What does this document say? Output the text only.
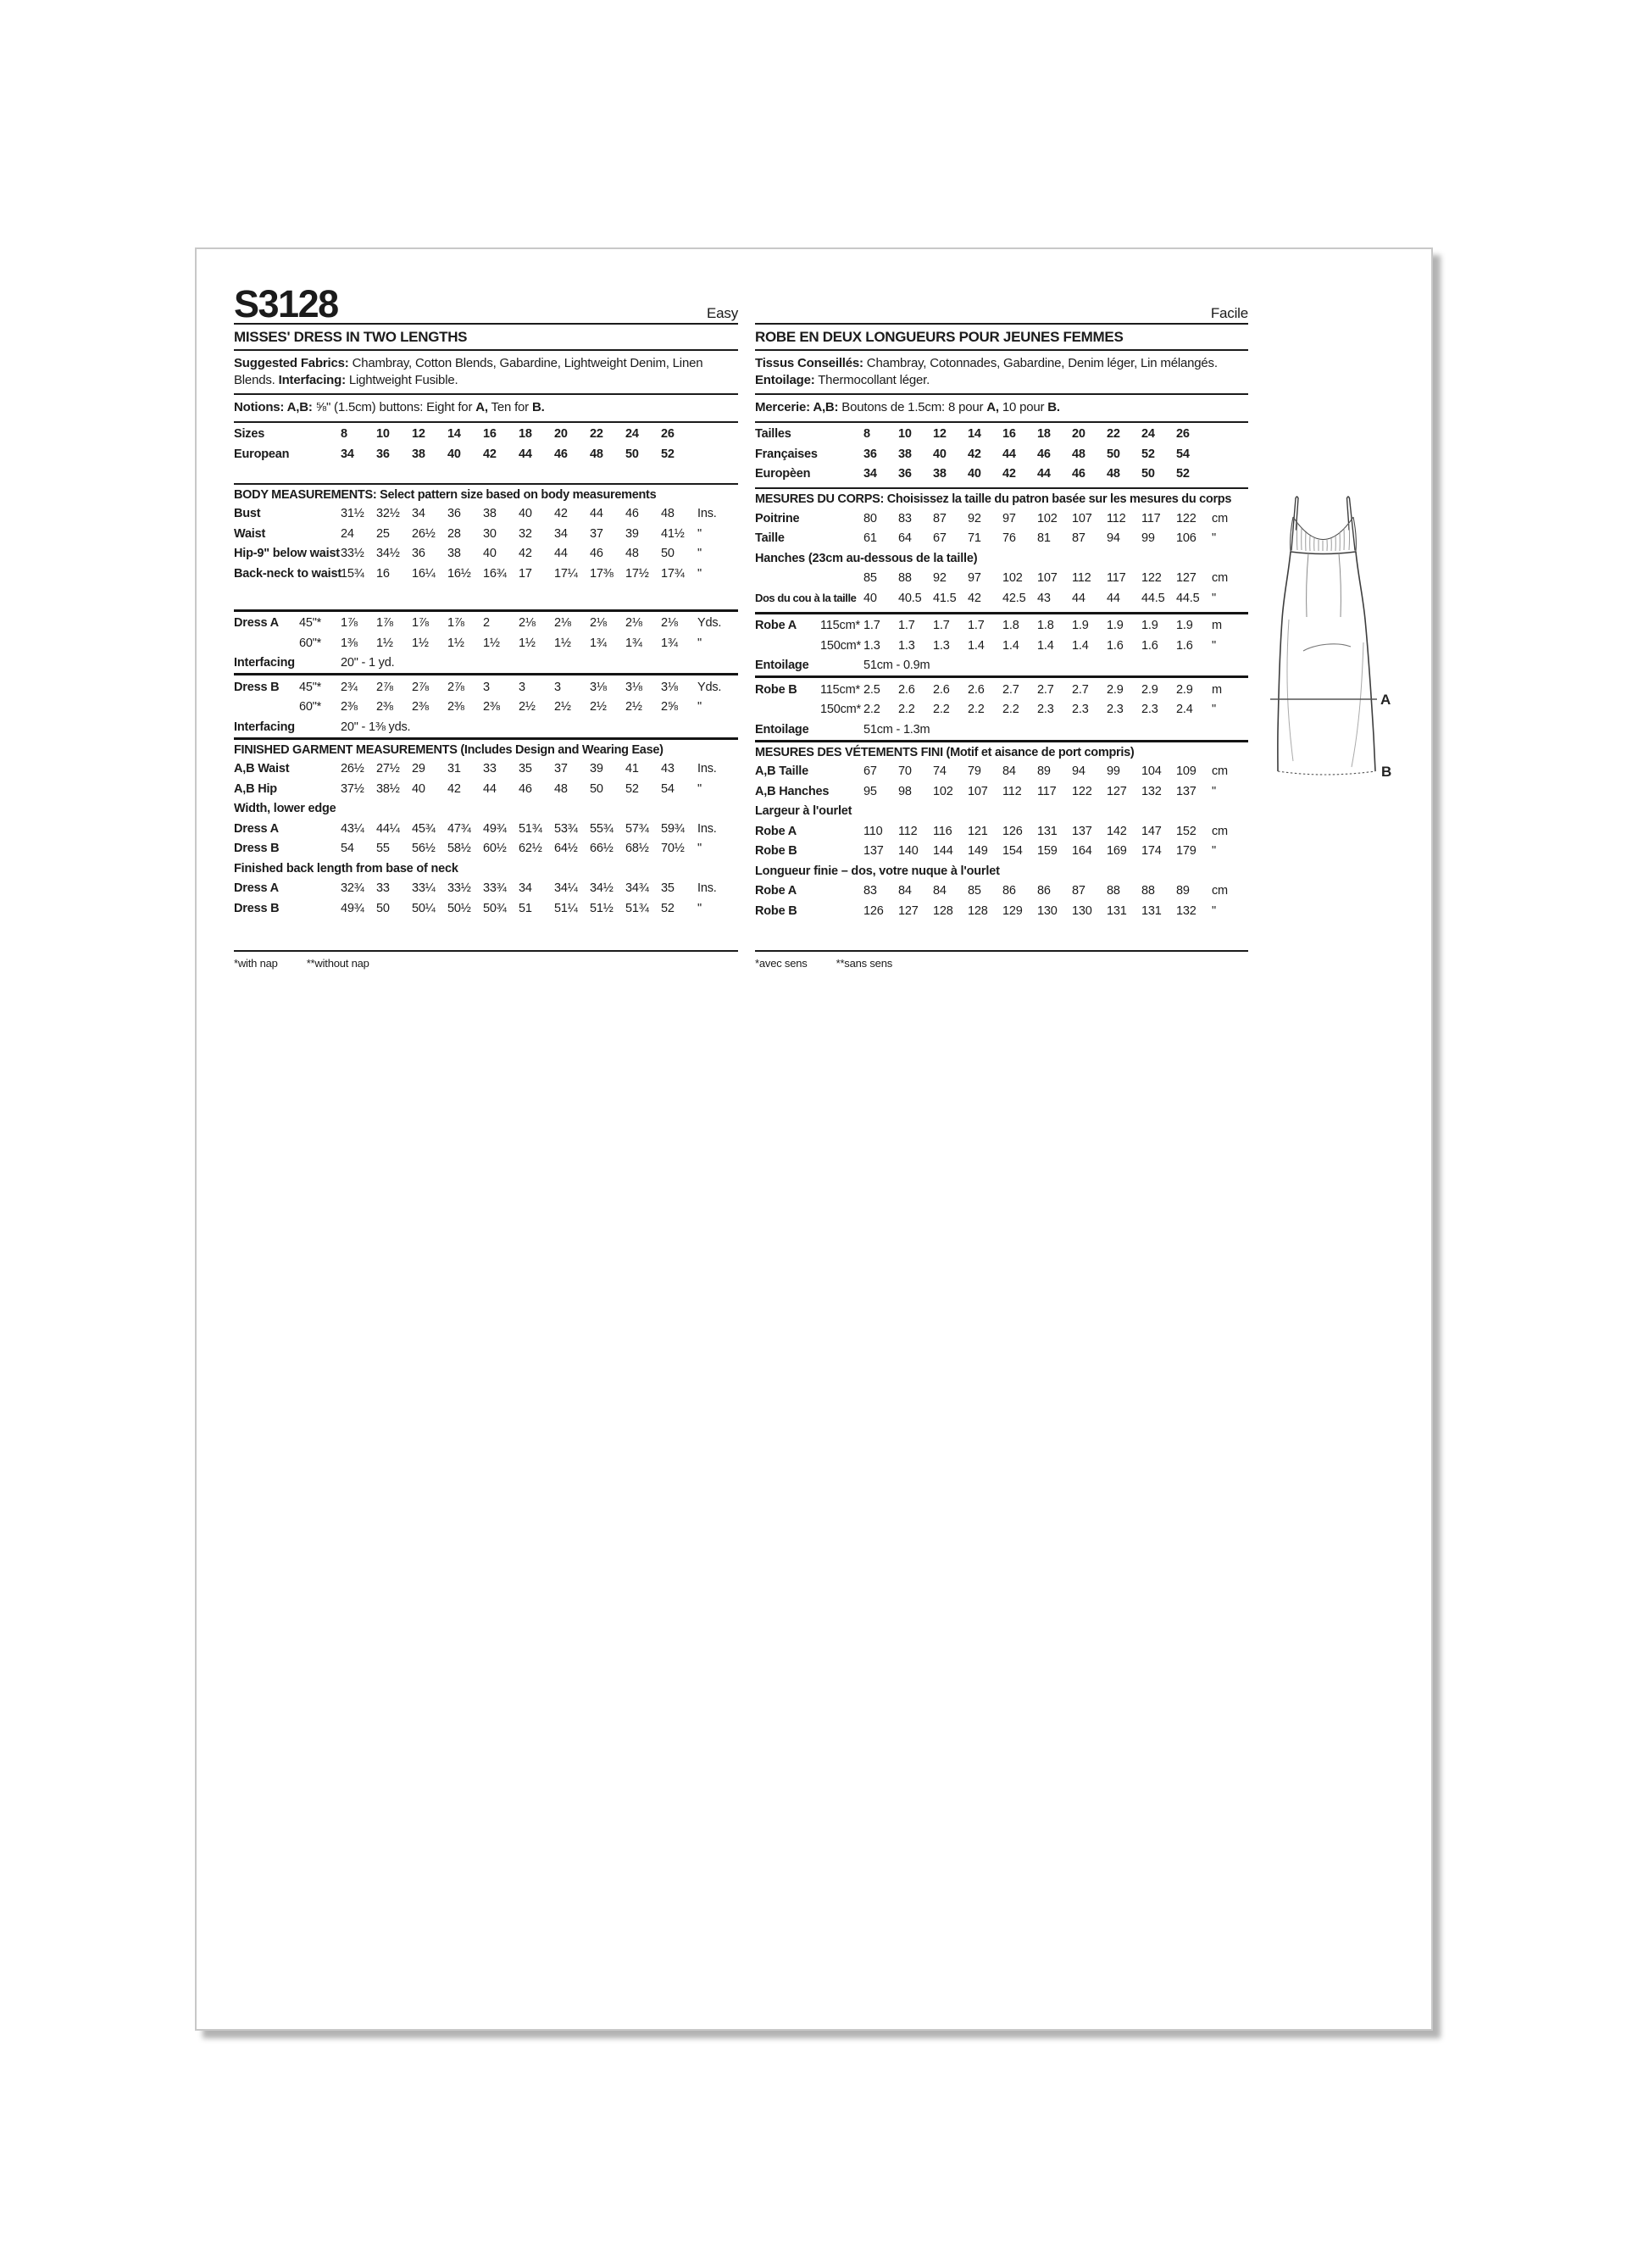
S3128	Easy
MISSES' DRESS IN TWO LENGTHS

Suggested Fabrics: Chambray, Cotton Blends, Gabardine, Lightweight Denim, Linen Blends. Interfacing: Lightweight Fusible.

Notions: A,B: ⅝" (1.5cm) buttons: Eight for A, Ten for B.

Sizes	8	10	12	14	16	18	20	22	24	26	
European	34	36	38	40	42	44	46	48	50	52	
BODY MEASUREMENTS: Select pattern size based on body measurements
Bust	31½	32½	34	36	38	40	42	44	46	48	Ins.
Waist	24	25	26½	28	30	32	34	37	39	41½	"
Hip-9" below waist	33½	34½	36	38	40	42	44	46	48	50	"
Back-neck to waist	15¾	16	16¼	16½	16¾	17	17¼	17⅜	17½	17¾	"
Dress A	45"*	1⅞	1⅞	1⅞	1⅞	2	2⅛	2⅛	2⅛	2⅛	2⅛	Yds.
	60"*	1⅜	1½	1½	1½	1½	1½	1½	1¾	1¾	1¾	"
Interfacing		20" - 1 yd.										
Dress B	45"*	2¾	2⅞	2⅞	2⅞	3	3	3	3⅛	3⅛	3⅛	Yds.
	60"*	2⅜	2⅜	2⅜	2⅜	2⅜	2½	2½	2½	2½	2⅝	"
Interfacing		20" - 1⅜ yds.										
FINISHED GARMENT MEASUREMENTS (Includes Design and Wearing Ease)
A,B Waist	26½	27½	29	31	33	35	37	39	41	43	Ins.
A,B Hip	37½	38½	40	42	44	46	48	50	52	54	"
Width, lower edge											
Dress A	43¼	44¼	45¾	47¾	49¾	51¾	53¾	55¾	57¾	59¾	Ins.
Dress B	54	55	56½	58½	60½	62½	64½	66½	68½	70½	"
Finished back length from base of neck											
Dress A	32¾	33	33¼	33½	33¾	34	34¼	34½	34¾	35	Ins.
Dress B	49¾	50	50¼	50½	50¾	51	51¼	51½	51¾	52	"
*with nap	**without nap
Facile
ROBE EN DEUX LONGUEURS POUR JEUNES FEMMES

Tissus Conseillés: Chambray, Cotonnades, Gabardine, Denim léger, Lin mélangés.
Entoilage: Thermocollant léger.

Mercerie: A,B: Boutons de 1.5cm: 8 pour A, 10 pour B.

Tailles	8	10	12	14	16	18	20	22	24	26	
Françaises	36	38	40	42	44	46	48	50	52	54	
Europèen	34	36	38	40	42	44	46	48	50	52	
MESURES DU CORPS: Choisissez la taille du patron basée sur les mesures du corps
Poitrine	80	83	87	92	97	102	107	112	117	122	cm
Taille	61	64	67	71	76	81	87	94	99	106	"
Hanches (23cm au-dessous de la taille)											
	85	88	92	97	102	107	112	117	122	127	cm
Dos du cou à la taille	40	40.5	41.5	42	42.5	43	44	44	44.5	44.5	"
Robe A	115cm*	1.7	1.7	1.7	1.7	1.8	1.8	1.9	1.9	1.9	1.9	m
	150cm*	1.3	1.3	1.3	1.4	1.4	1.4	1.4	1.6	1.6	1.6	"
Entoilage		51cm - 0.9m										
Robe B	115cm*	2.5	2.6	2.6	2.6	2.7	2.7	2.7	2.9	2.9	2.9	m
	150cm*	2.2	2.2	2.2	2.2	2.2	2.3	2.3	2.3	2.3	2.4	"
Entoilage		51cm - 1.3m										
MESURES DES VÉTEMENTS FINI (Motif et aisance de port compris)
A,B Taille	67	70	74	79	84	89	94	99	104	109	cm
A,B Hanches	95	98	102	107	112	117	122	127	132	137	"
Largeur à l'ourlet											
Robe A	110	112	116	121	126	131	137	142	147	152	cm
Robe B	137	140	144	149	154	159	164	169	174	179	"
Longueur finie – dos, votre nuque à l'ourlet											
Robe A	83	84	84	85	86	86	87	88	88	89	cm
Robe B	126	127	128	128	129	130	130	131	131	132	"
*avec sens	**sans sens
A
B
